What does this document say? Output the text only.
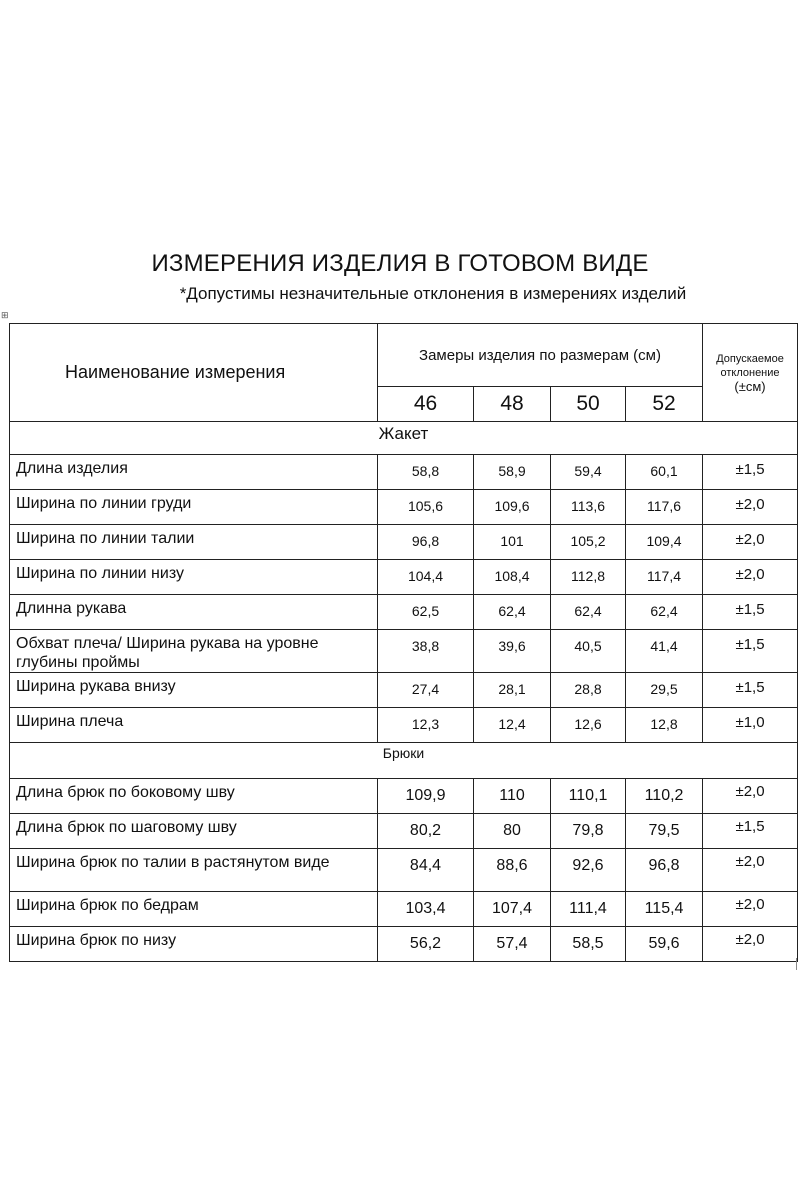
ИЗМЕРЕНИЯ ИЗДЕЛИЯ В ГОТОВОМ ВИДЕ
*Допустимы незначительные отклонения в измерениях изделий
⊞
Наименование измерения	Замеры изделия по размерам (см)				Допускаемое
отклонение
(±см)

	46	48	50	52	
Жакет					
Длина изделия	58,8	58,9	59,4	60,1	±1,5
Ширина по линии груди	105,6	109,6	113,6	117,6	±2,0
Ширина по линии талии	96,8	101	105,2	109,4	±2,0
Ширина по линии низу	104,4	108,4	112,8	117,4	±2,0
Длинна рукава	62,5	62,4	62,4	62,4	±1,5
Обхват плеча/ Ширина рукава на уровне глубины проймы	38,8	39,6	40,5	41,4	±1,5
Ширина рукава внизу	27,4	28,1	28,8	29,5	±1,5
Ширина плеча	12,3	12,4	12,6	12,8	±1,0
Брюки					
Длина брюк по боковому шву	109,9	110	110,1	110,2	±2,0
Длина брюк по шаговому шву	80,2	80	79,8	79,5	±1,5
Ширина брюк по талии в растянутом виде	84,4	88,6	92,6	96,8	±2,0
Ширина брюк по бедрам	103,4	107,4	111,4	115,4	±2,0
Ширина брюк по низу	56,2	57,4	58,5	59,6	±2,0
